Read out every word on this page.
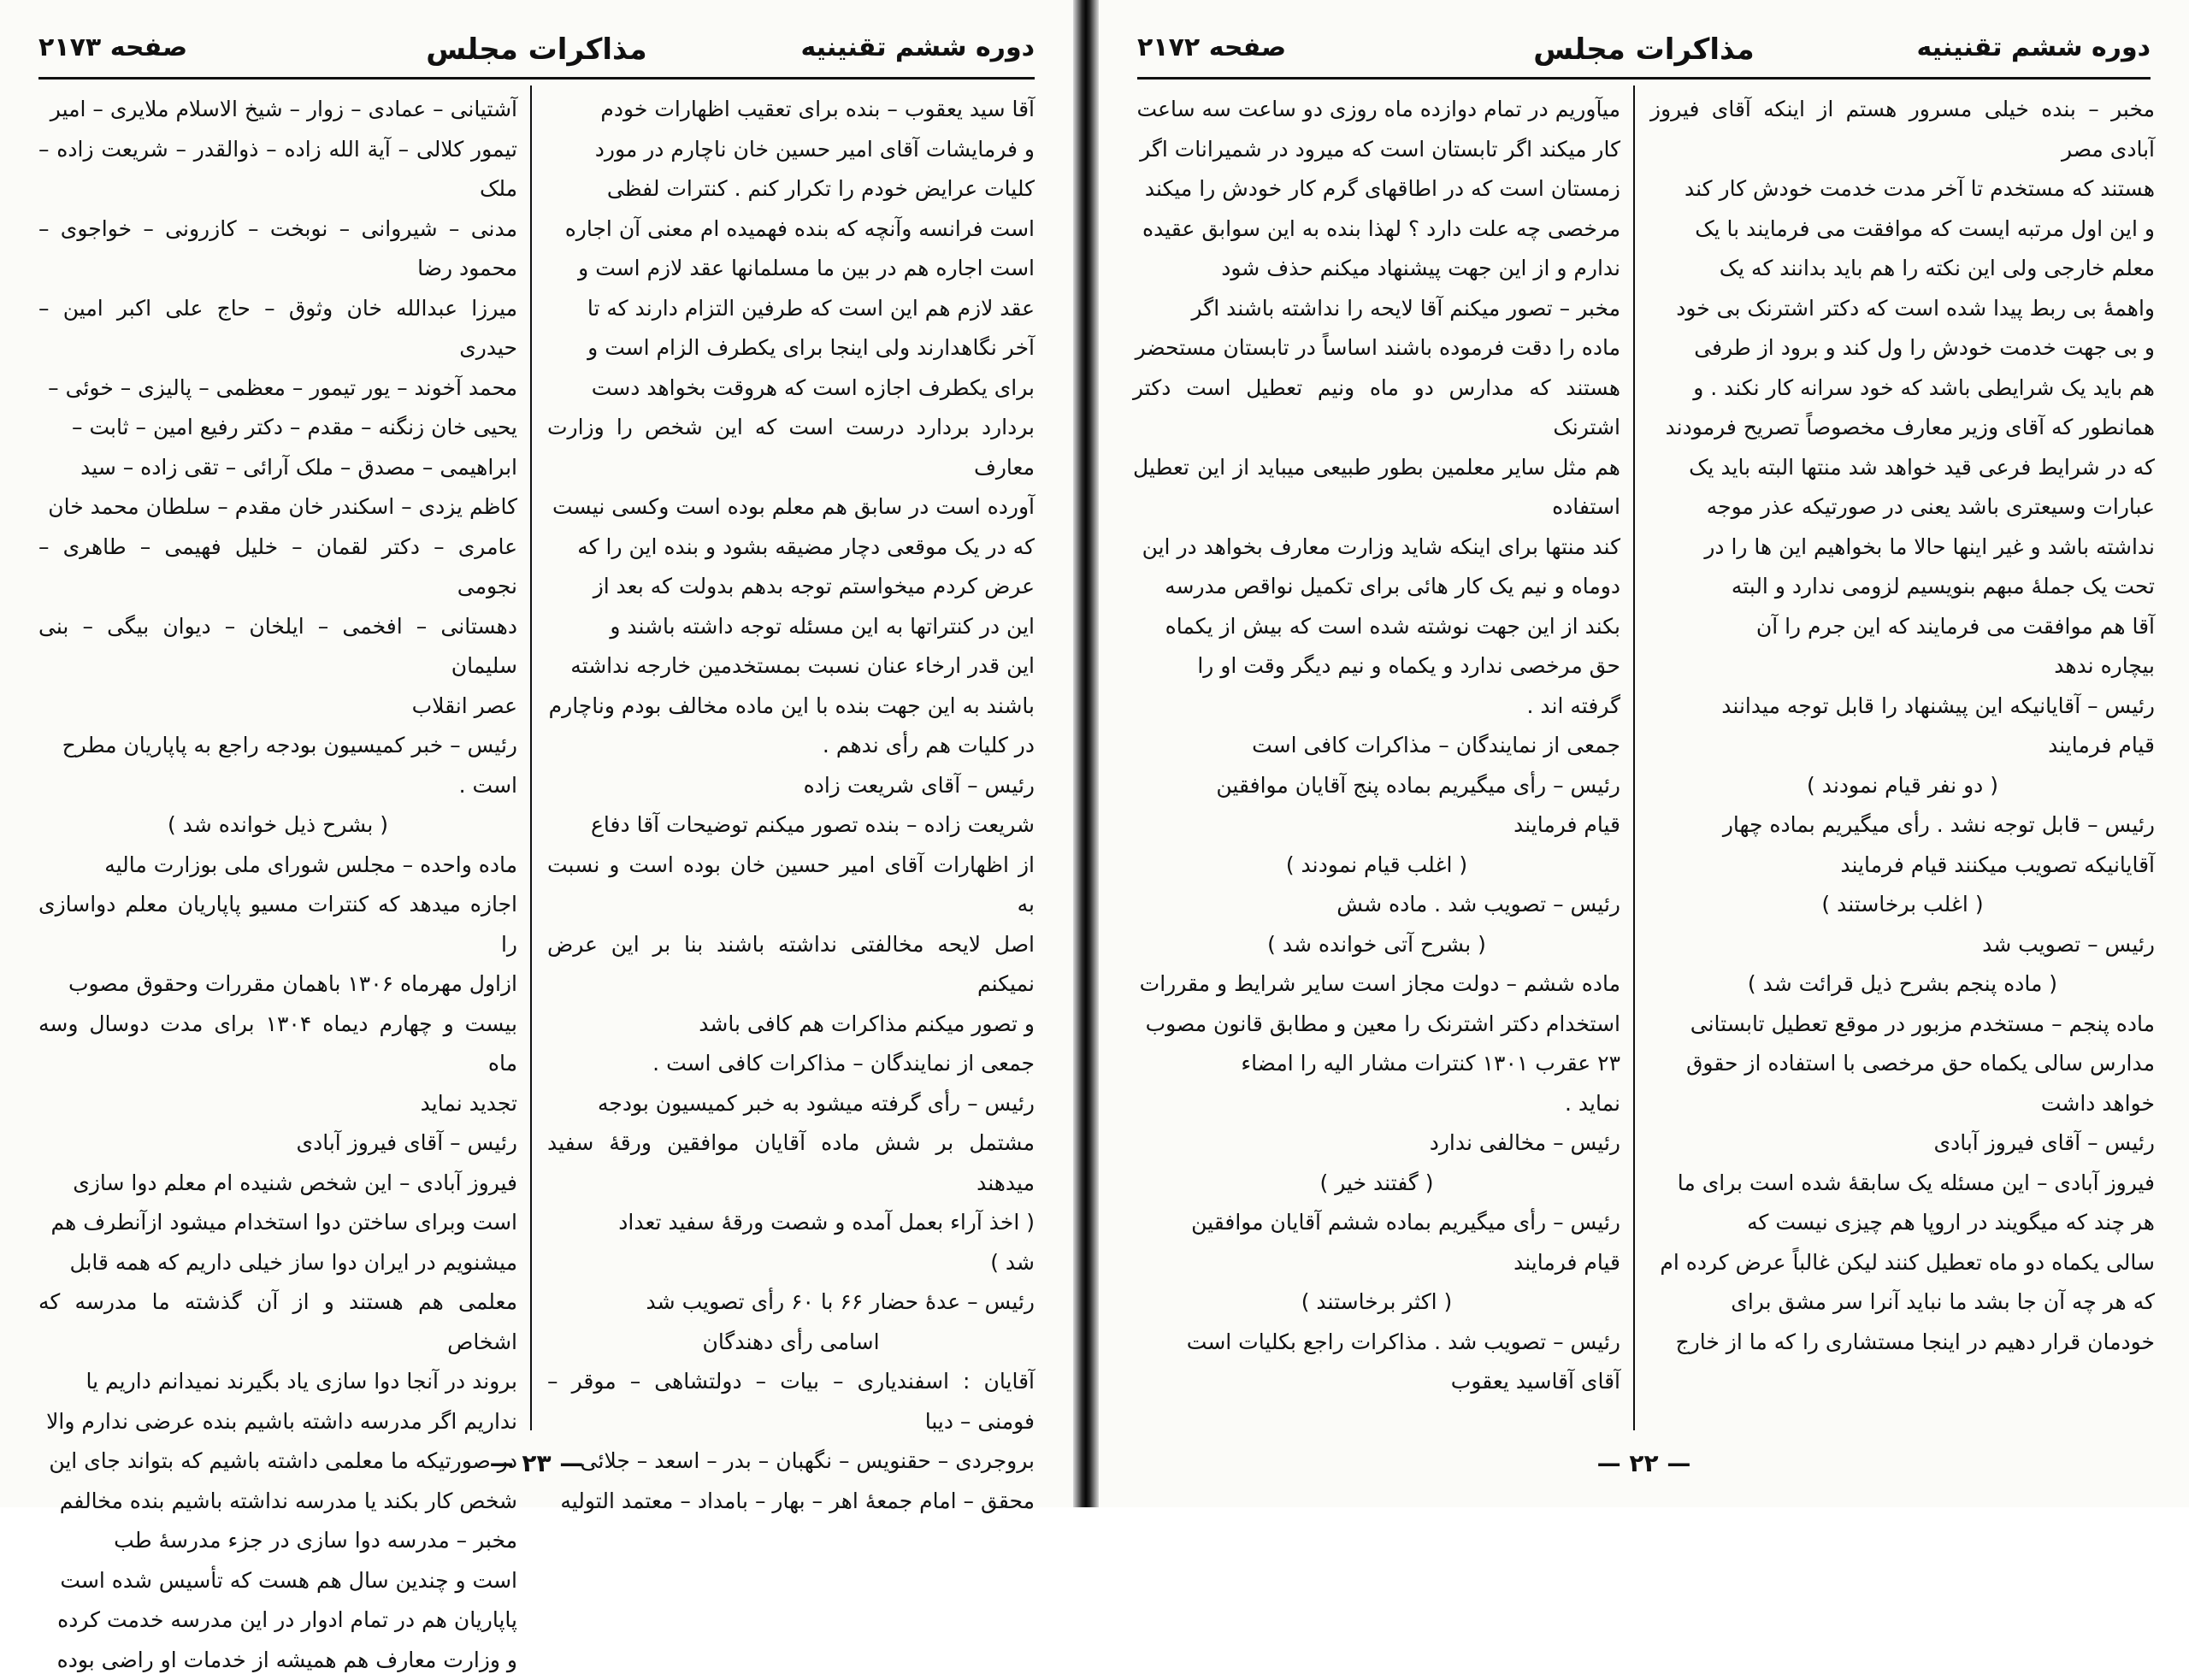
دوره ششم تقنینیه
مذاکرات مجلس
صفحه ۲۱۷۳

آقا سید یعقوب – بنده برای تعقیب اظهارات خودم

و فرمایشات آقای امیر حسین خان ناچارم در مورد

کلیات عرایض خودم را تکرار کنم . کنترات لفظی

است فرانسه وآنچه که بنده فهمیده ام معنی آن اجاره

است اجاره هم در بین ما مسلمانها عقد لازم است و

عقد لازم هم این است که طرفین التزام دارند که تا

آخر نگاهدارند ولی اینجا برای یکطرف الزام است و

برای یکطرف اجازه است که هروقت بخواهد دست

بردارد بردارد درست است که این شخص را وزارت معارف

آورده است در سابق هم معلم بوده است وکسی نیست

که در یک موقعی دچار مضیقه بشود و بنده این را که

عرض کردم میخواستم توجه بدهم بدولت که بعد از

این در کنتراتها به این مسئله توجه داشته باشند و

این قدر ارخاء عنان نسبت بمستخدمین خارجه نداشته

باشند به این جهت بنده با این ماده مخالف بودم وناچارم

در کلیات هم رأی ندهم .

رئیس – آقای شریعت زاده

شریعت زاده – بنده تصور میکنم توضیحات آقا دفاع

از اظهارات آقای امیر حسین خان بوده است و نسبت به

اصل لایحه مخالفتی نداشته باشند بنا بر این عرض نمیکنم

و تصور میکنم مذاکرات هم کافی باشد

جمعی از نمایندگان – مذاکرات کافی است .

رئیس – رأی گرفته میشود به خبر کمیسیون بودجه

مشتمل بر شش ماده آقایان موافقین ورقهٔ سفید میدهند

( اخذ آراء بعمل آمده و شصت ورقهٔ سفید تعداد

شد )

رئیس – عدهٔ حضار ۶۶ با ۶۰ رأی تصویب شد

اسامی رأی دهندگان

آقایان : اسفندیاری – بیات – دولتشاهی – موقر – فومنی – دیبا

بروجردی – حقنویس – نگهبان – بدر – اسعد – جلائی

محقق – امام جمعهٔ اهر – بهار – بامداد – معتمد التولیه

آشتیانی – عمادی – زوار – شیخ الاسلام ملایری – امیر

تیمور کلالی – آیة الله زاده – ذوالقدر – شریعت زاده – ملک

مدنی – شیروانی – نوبخت – کازرونی – خواجوی – محمود رضا

میرزا عبدالله خان وثوق – حاج علی اکبر امین – حیدری

محمد آخوند – یور تیمور – معظمی – پالیزی – خوئی –

یحیی خان زنگنه – مقدم – دکتر رفیع امین – ثابت –

ابراهیمی – مصدق – ملک آرائی – تقی زاده – سید

کاظم یزدی – اسکندر خان مقدم – سلطان محمد خان

عامری – دکتر لقمان – خلیل فهیمی – طاهری – نجومی

دهستانی – افخمی – ایلخان – دیوان بیگی – بنی سلیمان

عصر انقلاب

رئیس – خبر کمیسیون بودجه راجع به پاپاریان مطرح

است .

( بشرح ذیل خوانده شد )

ماده واحده – مجلس شورای ملی بوزارت مالیه

اجازه میدهد که کنترات مسیو پاپاریان معلم دواسازی را

ازاول مهرماه ۱۳۰۶ باهمان مقررات وحقوق مصوب

بیست و چهارم دیماه ۱۳۰۴ برای مدت دوسال وسه ماه

تجدید نماید

رئیس – آقای فیروز آبادی

فیروز آبادی – این شخص شنیده ام معلم دوا سازی

است وبرای ساختن دوا استخدام میشود ازآنطرف هم

میشنویم در ایران دوا ساز خیلی داریم که همه قابل

معلمی هم هستند و از آن گذشته ما مدرسه که اشخاص

بروند در آنجا دوا سازی یاد بگیرند نمیدانم داریم یا

نداریم اگر مدرسه داشته باشیم بنده عرضی ندارم والا

در صورتیکه ما معلمی داشته باشیم که بتواند جای این

شخص کار بکند یا مدرسه نداشته باشیم بنده مخالفم

مخبر – مدرسه دوا سازی در جزء مدرسهٔ طب

است و چندین سال هم هست که تأسیس شده است

پاپاریان هم در تمام ادوار در این مدرسه خدمت کرده

و وزارت معارف هم همیشه از خدمات او راضی بوده

— ۲۳ —
دوره ششم تقنینیه
مذاکرات مجلس
صفحه ۲۱۷۲

مخبر – بنده خیلی مسرور هستم از اینکه آقای فیروز آبادی مصر

هستند که مستخدم تا آخر مدت خدمت خودش کار کند

و این اول مرتبه ایست که موافقت می فرمایند با یک

معلم خارجی ولی این نکته را هم باید بدانند که یک

واهمهٔ بی ربط پیدا شده است که دکتر اشترنک بی خود

و بی جهت خدمت خودش را ول کند و برود از طرفی

هم باید یک شرایطی باشد که خود سرانه کار نکند . و

همانطور که آقای وزیر معارف مخصوصاً تصریح فرمودند

که در شرایط فرعی قید خواهد شد منتها البته باید یک

عبارات وسیعتری باشد یعنی در صورتیکه عذر موجه

نداشته باشد و غیر اینها حالا ما بخواهیم این ها را در

تحت یک جملهٔ مبهم بنویسیم لزومی ندارد و البته

آقا هم موافقت می فرمایند که این جرم را آن

بیچاره ندهد

رئیس – آقایانیکه این پیشنهاد را قابل توجه میدانند

قیام فرمایند

( دو نفر قیام نمودند )

رئیس – قابل توجه نشد . رأی میگیریم بماده چهار

آقایانیکه تصویب میکنند قیام فرمایند

( اغلب برخاستند )

رئیس – تصویب شد

( ماده پنجم بشرح ذیل قرائت شد )

ماده پنجم – مستخدم مزبور در موقع تعطیل تابستانی

مدارس سالی یکماه حق مرخصی با استفاده از حقوق

خواهد داشت

رئیس – آقای فیروز آبادی

فیروز آبادی – این مسئله یک سابقهٔ شده است برای ما

هر چند که میگویند در اروپا هم چیزی نیست که

سالی یکماه دو ماه تعطیل کنند لیکن غالباً عرض کرده ام

که هر چه آن جا بشد ما نباید آنرا سر مشق برای

خودمان قرار دهیم در اینجا مستشاری را که ما از خارج

میآوریم در تمام دوازده ماه روزی دو ساعت سه ساعت

کار میکند اگر تابستان است که میرود در شمیرانات اگر

زمستان است که در اطاقهای گرم کار خودش را میکند

مرخصی چه علت دارد ؟ لهذا بنده به این سوابق عقیده

ندارم و از این جهت پیشنهاد میکنم حذف شود

مخبر – تصور میکنم آقا لایحه را نداشته باشند اگر

ماده را دقت فرموده باشند اساساً در تابستان مستحضر

هستند که مدارس دو ماه ونیم تعطیل است دکتر اشترنک

هم مثل سایر معلمین بطور طبیعی میباید از این تعطیل استفاده

کند منتها برای اینکه شاید وزارت معارف بخواهد در این

دوماه و نیم یک کار هائی برای تکمیل نواقص مدرسه

بکند از این جهت نوشته شده است که بیش از یکماه

حق مرخصی ندارد و یکماه و نیم دیگر وقت او را

گرفته اند .

جمعی از نمایندگان – مذاکرات کافی است

رئیس – رأی میگیریم بماده پنج آقایان موافقین

قیام فرمایند

( اغلب قیام نمودند )

رئیس – تصویب شد . ماده شش

( بشرح آتی خوانده شد )

ماده ششم – دولت مجاز است سایر شرایط و مقررات

استخدام دکتر اشترنک را معین و مطابق قانون مصوب

۲۳ عقرب ۱۳۰۱ کنترات مشار الیه را امضاء

نماید .

رئیس – مخالفی ندارد

( گفتند خیر )

رئیس – رأی میگیریم بماده ششم آقایان موافقین

قیام فرمایند

( اکثر برخاستند )

رئیس – تصویب شد . مذاکرات راجع بکلیات است

آقای آقاسید یعقوب

— ۲۲ —
